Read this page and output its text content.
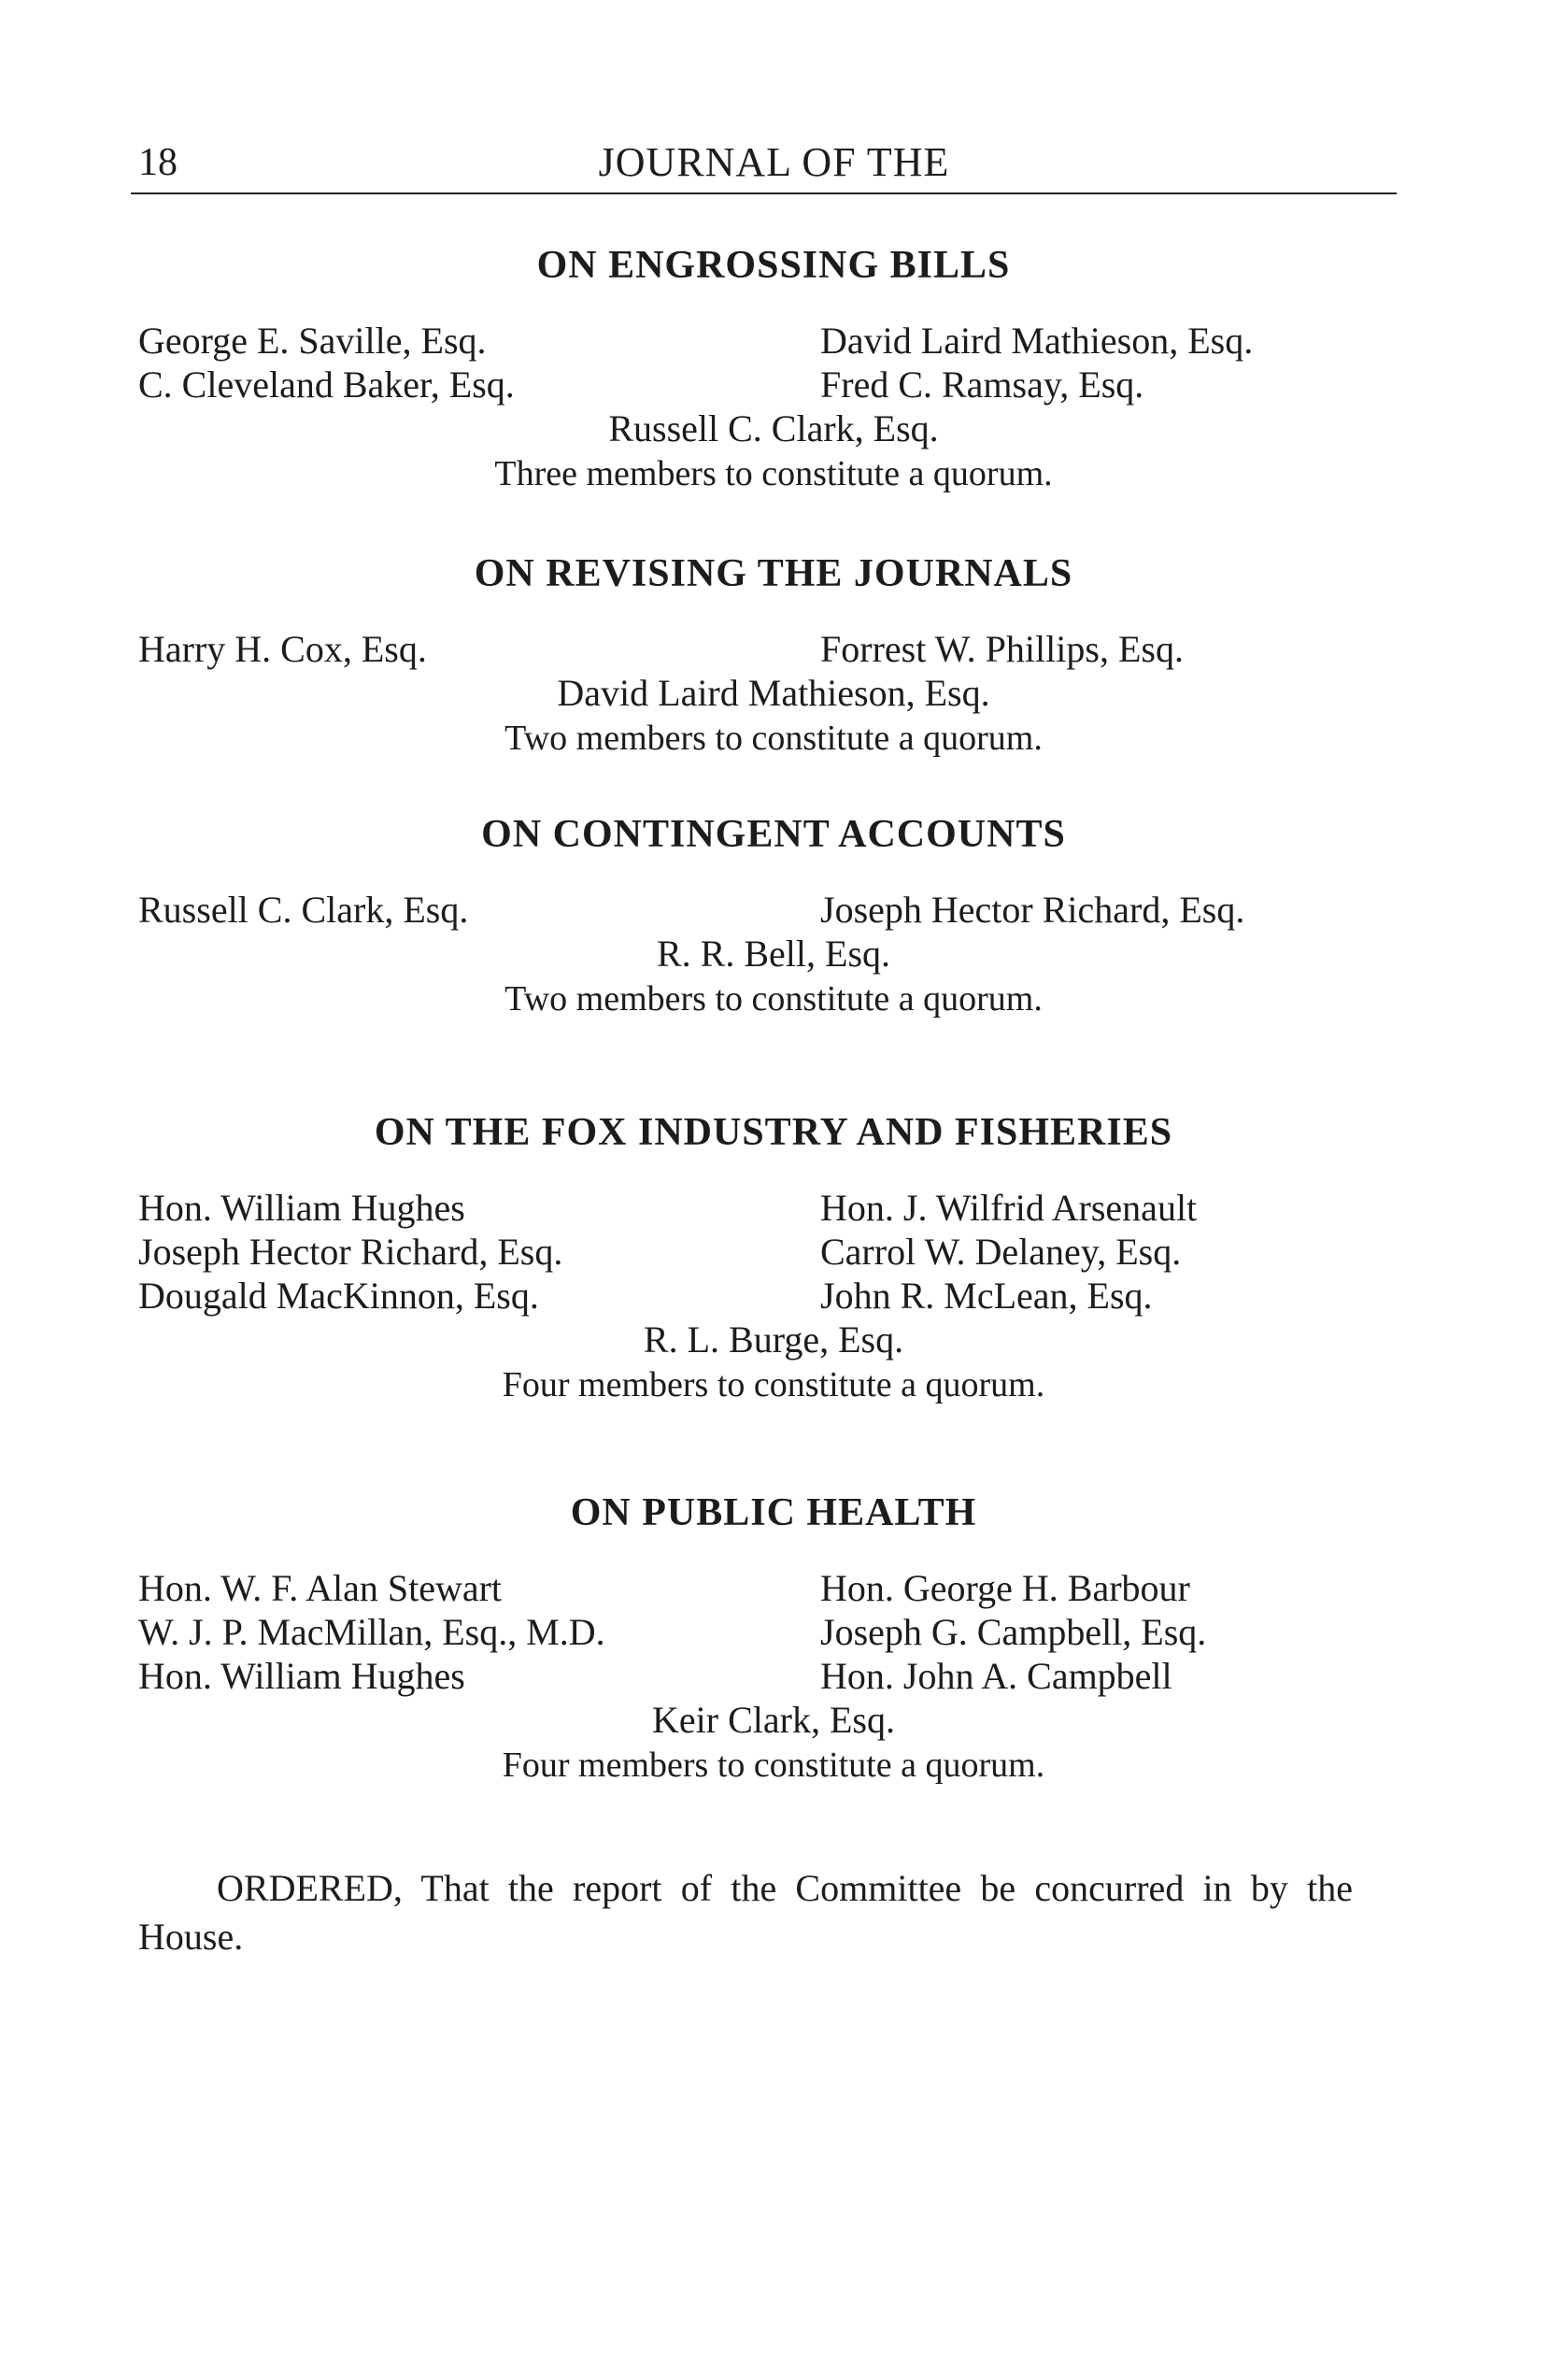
18	JOURNAL OF THE
ON ENGROSSING BILLS
George E. Saville, Esq.	David Laird Mathieson, Esq.
C. Cleveland Baker, Esq.	Fred C. Ramsay, Esq.
Russell C. Clark, Esq.
Three members to constitute a quorum.
ON REVISING THE JOURNALS
Harry H. Cox, Esq.	Forrest W. Phillips, Esq.
David Laird Mathieson, Esq.
Two members to constitute a quorum.
ON CONTINGENT ACCOUNTS
Russell C. Clark, Esq.	Joseph Hector Richard, Esq.
R. R. Bell, Esq.
Two members to constitute a quorum.
ON THE FOX INDUSTRY AND FISHERIES
Hon. William Hughes	Hon. J. Wilfrid Arsenault
Joseph Hector Richard, Esq.	Carrol W. Delaney, Esq.
Dougald MacKinnon, Esq.	John R. McLean, Esq.
R. L. Burge, Esq.
Four members to constitute a quorum.
ON PUBLIC HEALTH
Hon. W. F. Alan Stewart	Hon. George H. Barbour
W. J. P. MacMillan, Esq., M.D.	Joseph G. Campbell, Esq.
Hon. William Hughes	Hon. John A. Campbell
Keir Clark, Esq.
Four members to constitute a quorum.
ORDERED, That the report of the Committee be concurred in by the House.
